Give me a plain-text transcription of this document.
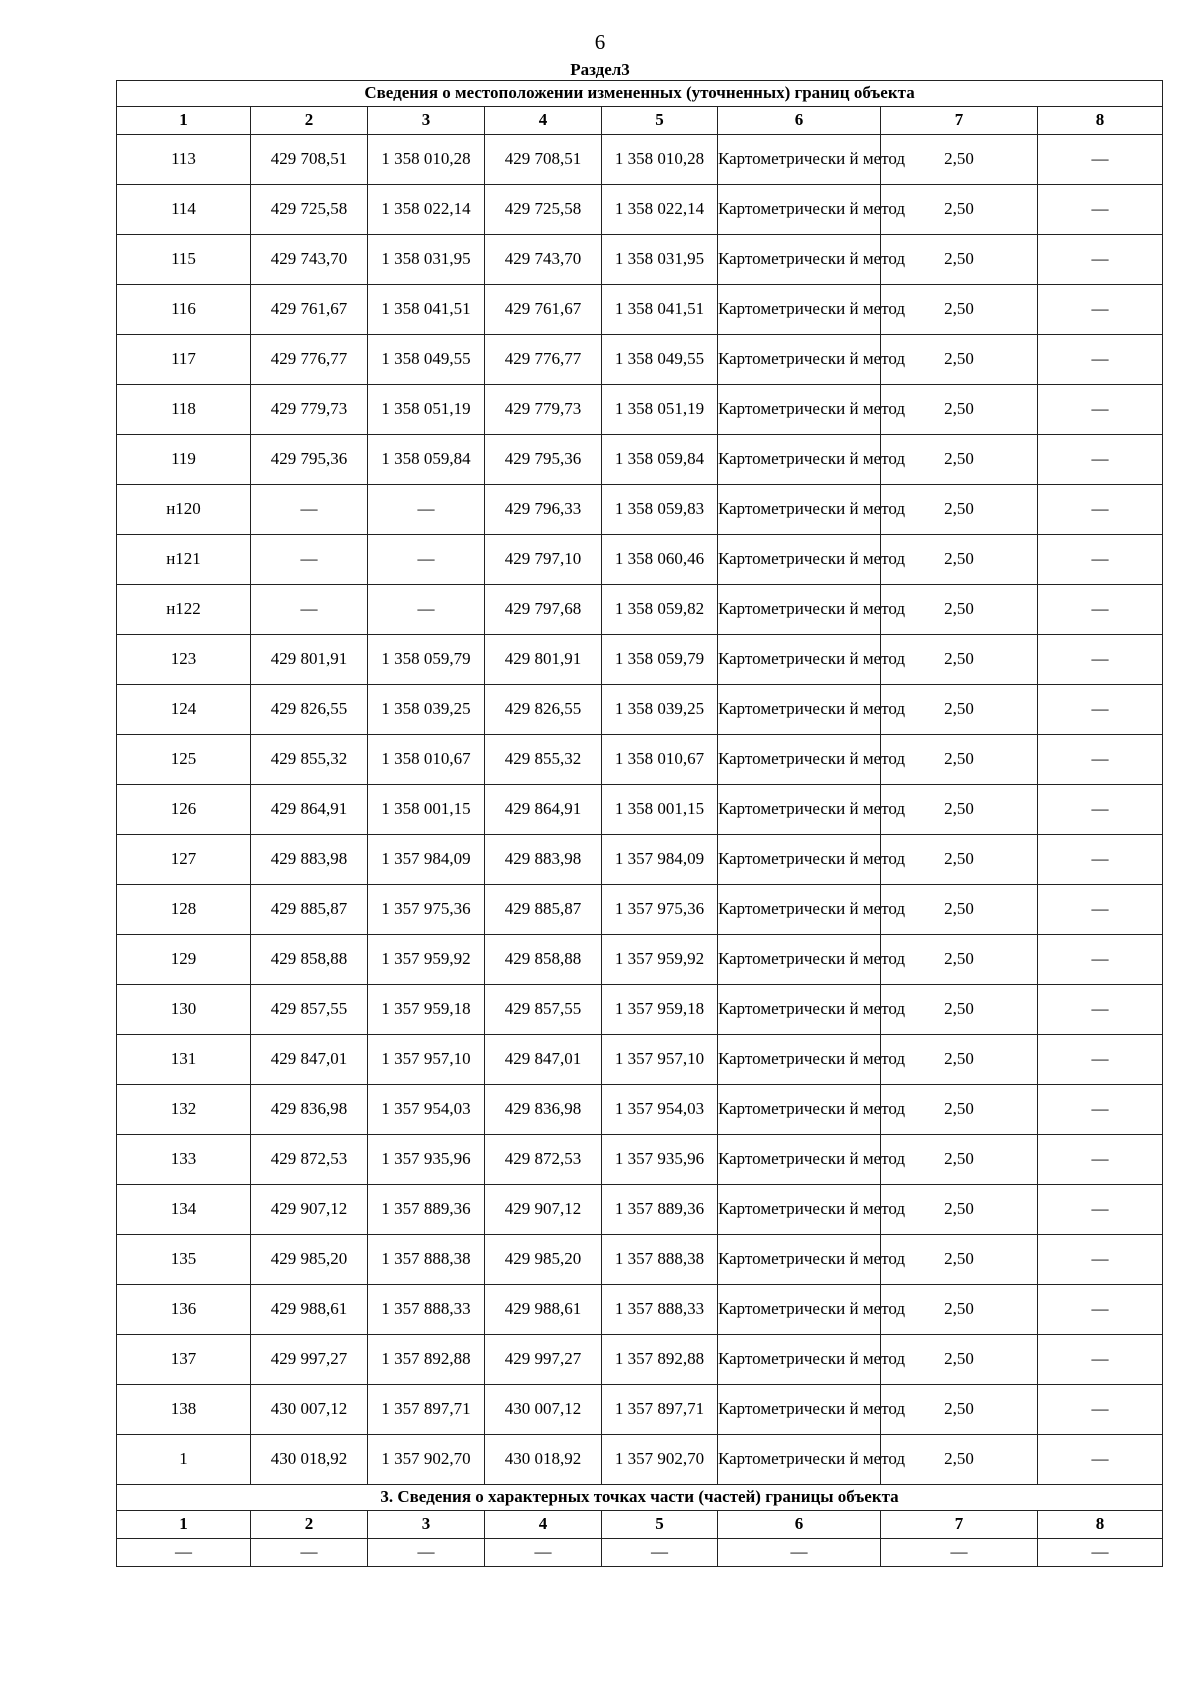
6
Раздел3
Сведения о местоположении измененных (уточненных) границ объекта							
1	2	3	4	5	6	7	8
113	429 708,51	1 358 010,28	429 708,51	1 358 010,28	Картометрически й метод	2,50	—
114	429 725,58	1 358 022,14	429 725,58	1 358 022,14	Картометрически й метод	2,50	—
115	429 743,70	1 358 031,95	429 743,70	1 358 031,95	Картометрически й метод	2,50	—
116	429 761,67	1 358 041,51	429 761,67	1 358 041,51	Картометрически й метод	2,50	—
117	429 776,77	1 358 049,55	429 776,77	1 358 049,55	Картометрически й метод	2,50	—
118	429 779,73	1 358 051,19	429 779,73	1 358 051,19	Картометрически й метод	2,50	—
119	429 795,36	1 358 059,84	429 795,36	1 358 059,84	Картометрически й метод	2,50	—
н120	—	—	429 796,33	1 358 059,83	Картометрически й метод	2,50	—
н121	—	—	429 797,10	1 358 060,46	Картометрически й метод	2,50	—
н122	—	—	429 797,68	1 358 059,82	Картометрически й метод	2,50	—
123	429 801,91	1 358 059,79	429 801,91	1 358 059,79	Картометрически й метод	2,50	—
124	429 826,55	1 358 039,25	429 826,55	1 358 039,25	Картометрически й метод	2,50	—
125	429 855,32	1 358 010,67	429 855,32	1 358 010,67	Картометрически й метод	2,50	—
126	429 864,91	1 358 001,15	429 864,91	1 358 001,15	Картометрически й метод	2,50	—
127	429 883,98	1 357 984,09	429 883,98	1 357 984,09	Картометрически й метод	2,50	—
128	429 885,87	1 357 975,36	429 885,87	1 357 975,36	Картометрически й метод	2,50	—
129	429 858,88	1 357 959,92	429 858,88	1 357 959,92	Картометрически й метод	2,50	—
130	429 857,55	1 357 959,18	429 857,55	1 357 959,18	Картометрически й метод	2,50	—
131	429 847,01	1 357 957,10	429 847,01	1 357 957,10	Картометрически й метод	2,50	—
132	429 836,98	1 357 954,03	429 836,98	1 357 954,03	Картометрически й метод	2,50	—
133	429 872,53	1 357 935,96	429 872,53	1 357 935,96	Картометрически й метод	2,50	—
134	429 907,12	1 357 889,36	429 907,12	1 357 889,36	Картометрически й метод	2,50	—
135	429 985,20	1 357 888,38	429 985,20	1 357 888,38	Картометрически й метод	2,50	—
136	429 988,61	1 357 888,33	429 988,61	1 357 888,33	Картометрически й метод	2,50	—
137	429 997,27	1 357 892,88	429 997,27	1 357 892,88	Картометрически й метод	2,50	—
138	430 007,12	1 357 897,71	430 007,12	1 357 897,71	Картометрически й метод	2,50	—
1	430 018,92	1 357 902,70	430 018,92	1 357 902,70	Картометрически й метод	2,50	—
3. Сведения о характерных точках части (частей) границы объекта							
1	2	3	4	5	6	7	8
—	—	—	—	—	—	—	—
